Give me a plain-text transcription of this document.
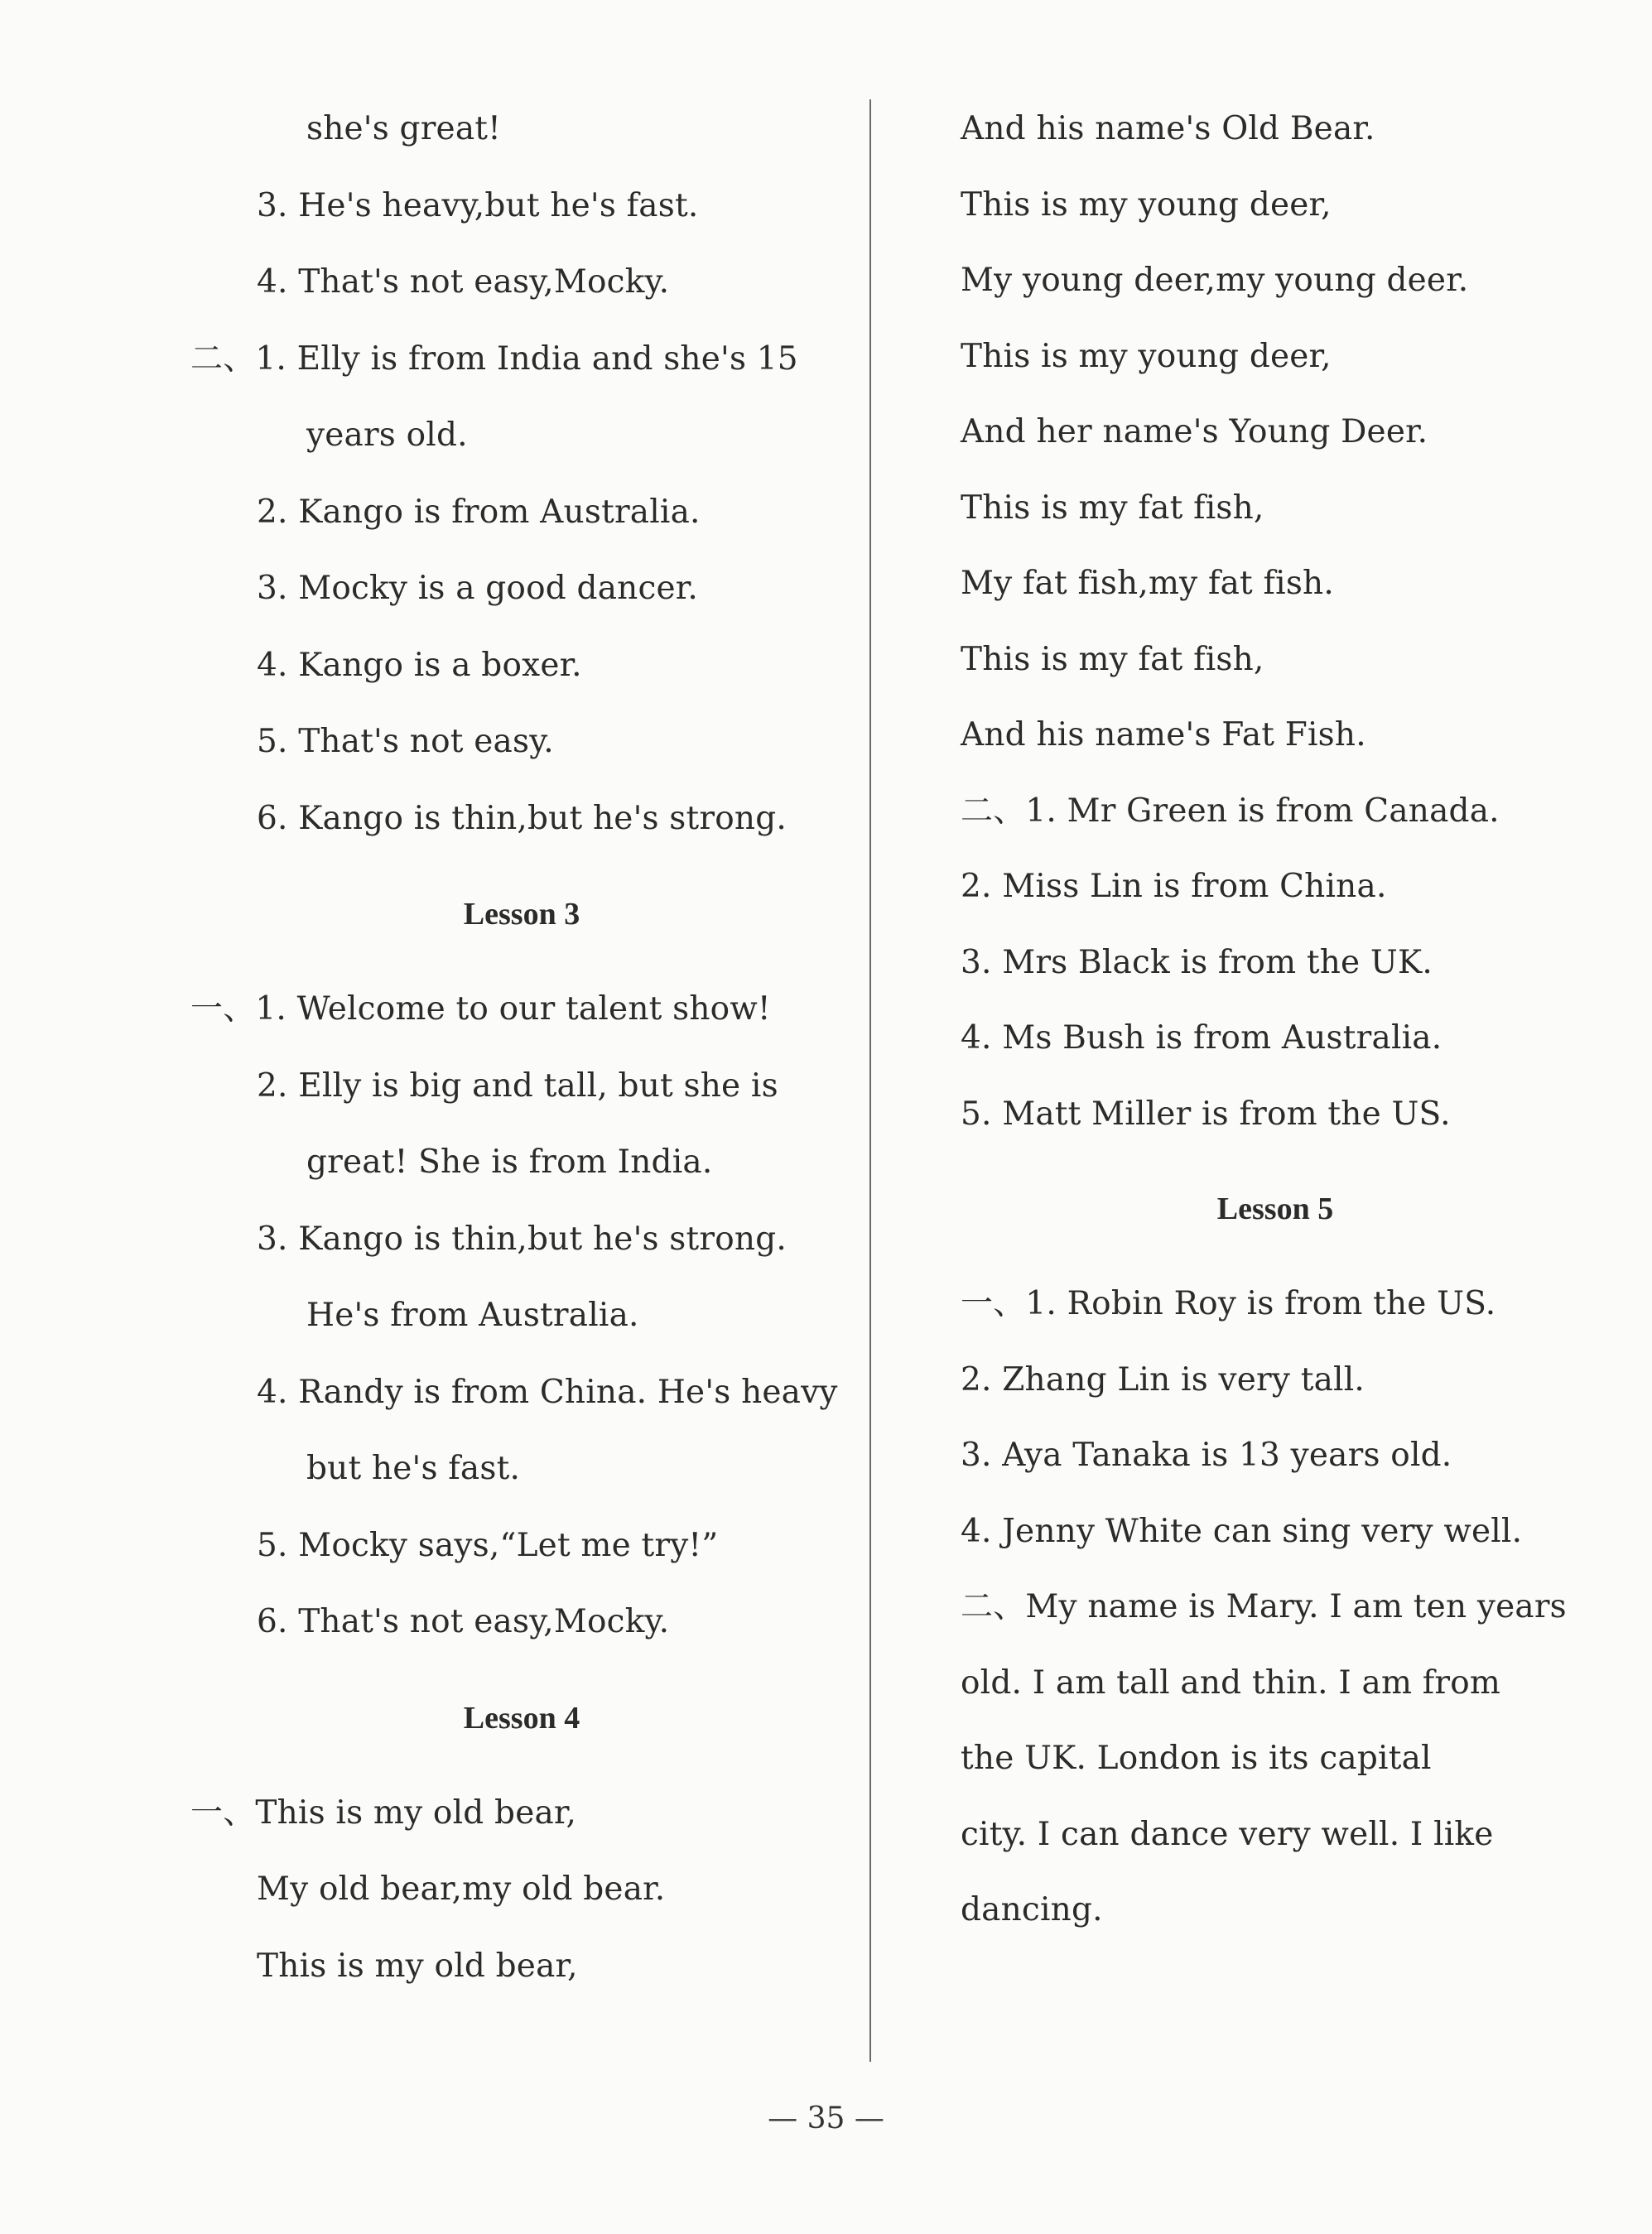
she's great!
3. He's heavy,but he's fast.
4. That's not easy,Mocky.
二、1. Elly is from India and she's 15
years old.
2. Kango is from Australia.
3. Mocky is a good dancer.
4. Kango is a boxer.
5. That's not easy.
6. Kango is thin,but he's strong.
Lesson 3
一、1. Welcome to our talent show!
2. Elly is big and tall, but she is
great! She is from India.
3. Kango is thin,but he's strong.
He's from Australia.
4. Randy is from China. He's heavy
but he's fast.
5. Mocky says,“Let me try!”
6. That's not easy,Mocky.
Lesson 4
一、This is my old bear,
My old bear,my old bear.
This is my old bear,
And his name's Old Bear.
This is my young deer,
My young deer,my young deer.
This is my young deer,
And her name's Young Deer.
This is my fat fish,
My fat fish,my fat fish.
This is my fat fish,
And his name's Fat Fish.
二、1. Mr Green is from Canada.
2. Miss Lin is from China.
3. Mrs Black is from the UK.
4. Ms Bush is from Australia.
5. Matt Miller is from the US.
Lesson 5
一、1. Robin Roy is from the US.
2. Zhang Lin is very tall.
3. Aya Tanaka is 13 years old.
4. Jenny White can sing very well.
二、My name is Mary. I am ten years
old. I am tall and thin. I am from
the UK. London is its capital
city. I can dance very well. I like
dancing.
— 35 —
